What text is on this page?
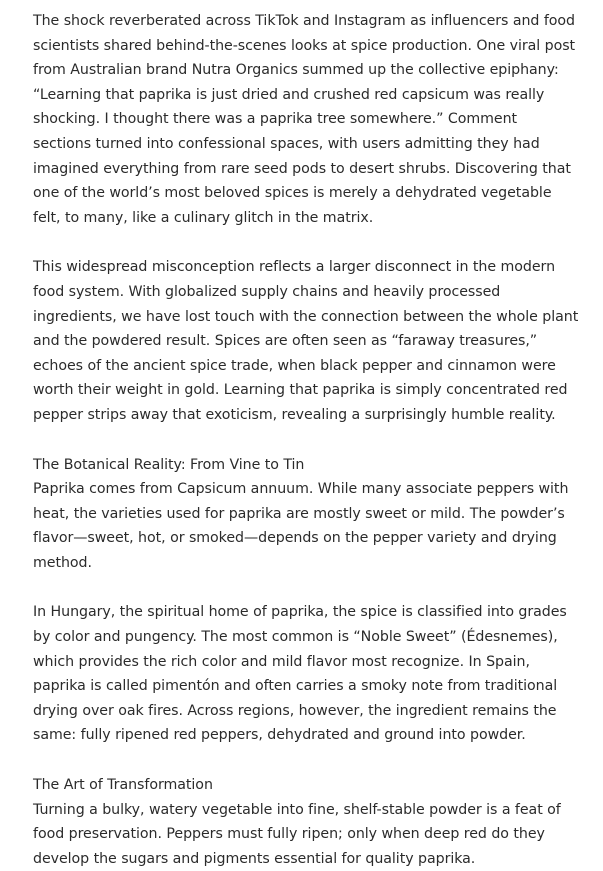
The shock reverberated across TikTok and Instagram as influencers and food scientists shared behind-the-scenes looks at spice production. One viral post from Australian brand Nutra Organics summed up the collective epiphany: “Learning that paprika is just dried and crushed red capsicum was really shocking. I thought there was a paprika tree somewhere.” Comment sections turned into confessional spaces, with users admitting they had imagined everything from rare seed pods to desert shrubs. Discovering that one of the world’s most beloved spices is merely a dehydrated vegetable felt, to many, like a culinary glitch in the matrix.

This widespread misconception reflects a larger disconnect in the modern food system. With globalized supply chains and heavily processed ingredients, we have lost touch with the connection between the whole plant and the powdered result. Spices are often seen as “faraway treasures,” echoes of the ancient spice trade, when black pepper and cinnamon were worth their weight in gold. Learning that paprika is simply concentrated red pepper strips away that exoticism, revealing a surprisingly humble reality.

The Botanical Reality: From Vine to Tin

Paprika comes from Capsicum annuum. While many associate peppers with heat, the varieties used for paprika are mostly sweet or mild. The powder’s flavor—sweet, hot, or smoked—depends on the pepper variety and drying method.

In Hungary, the spiritual home of paprika, the spice is classified into grades by color and pungency. The most common is “Noble Sweet” (Édesnemes), which provides the rich color and mild flavor most recognize. In Spain, paprika is called pimentón and often carries a smoky note from traditional drying over oak fires. Across regions, however, the ingredient remains the same: fully ripened red peppers, dehydrated and ground into powder.

The Art of Transformation

Turning a bulky, watery vegetable into fine, shelf-stable powder is a feat of food preservation. Peppers must fully ripen; only when deep red do they develop the sugars and pigments essential for quality paprika.
